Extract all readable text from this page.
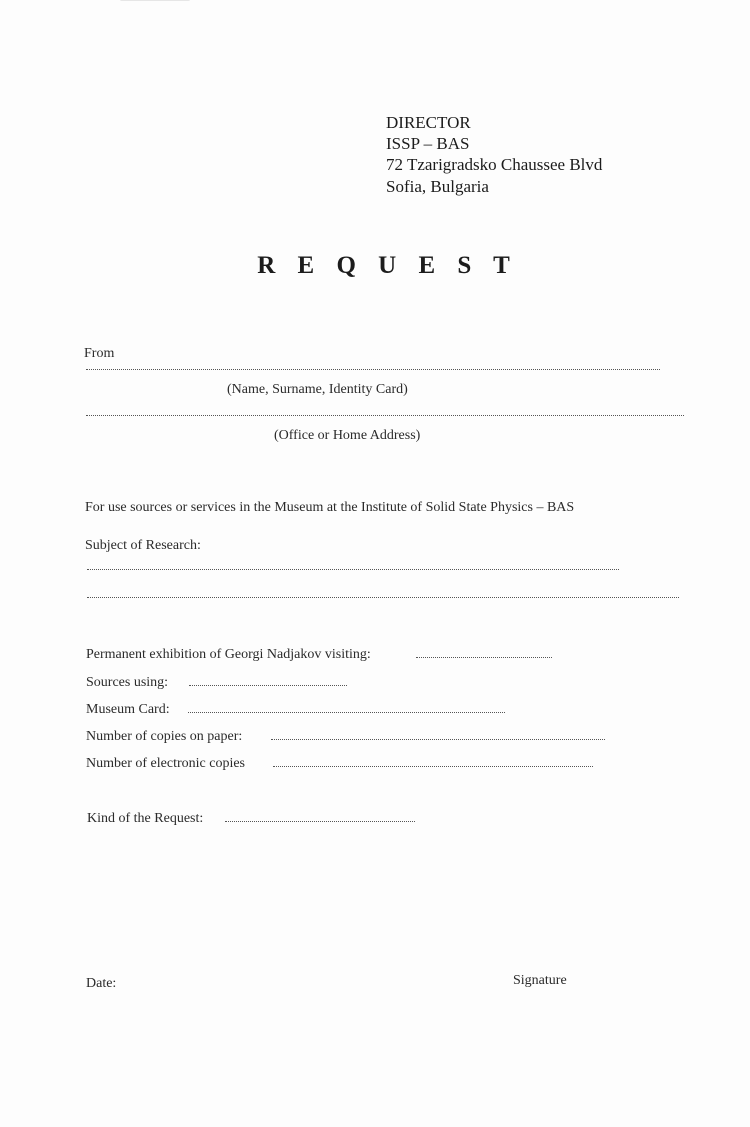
DIRECTOR
ISSP – BAS
72 Tzarigradsko Chaussee Blvd
Sofia, Bulgaria
R E Q U E S T
From
(Name, Surname, Identity Card)
(Office or Home Address)
For use sources or services in the Museum at the Institute of Solid State Physics – BAS
Subject of Research:
Permanent exhibition of Georgi Nadjakov visiting:
Sources using:
Museum Card:
Number of copies on paper:
Number of electronic copies
Kind of the Request:
Date:	Signature
